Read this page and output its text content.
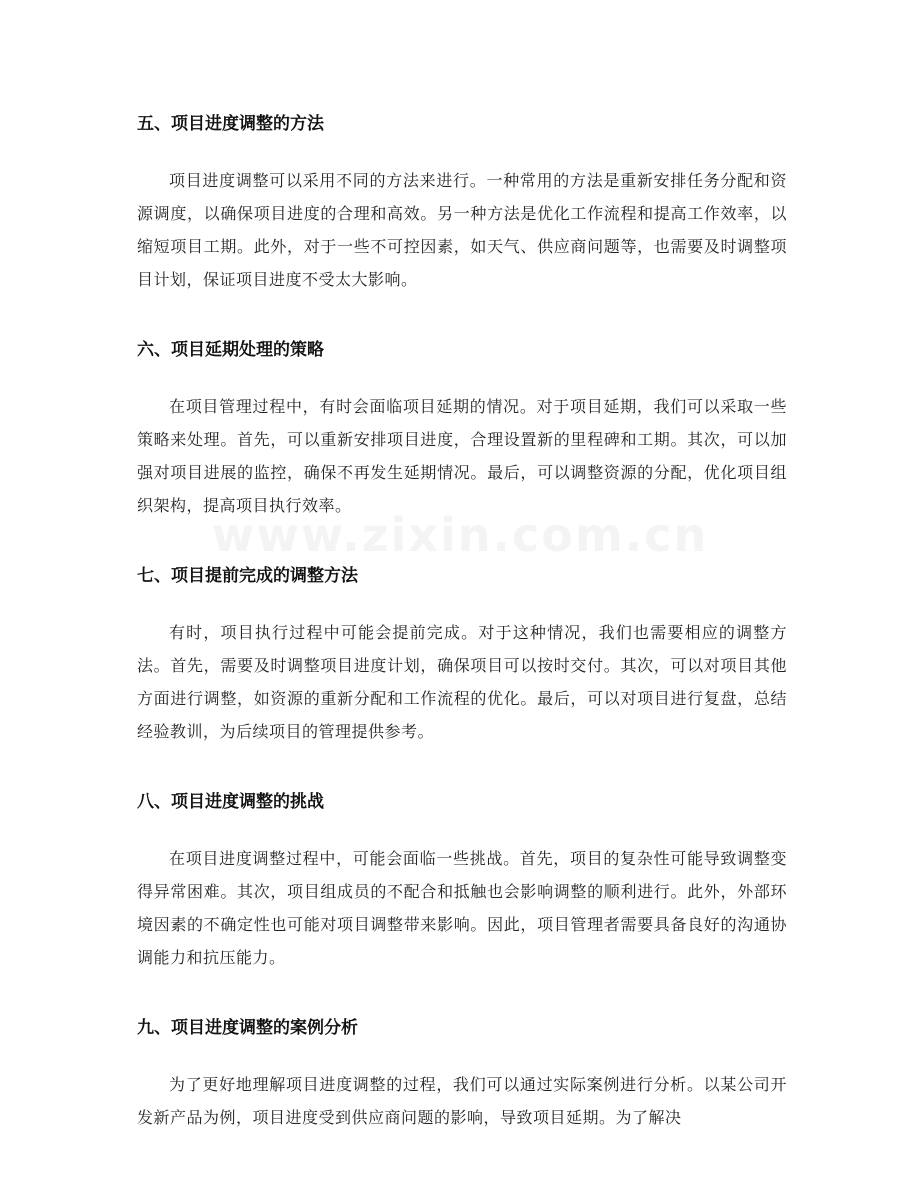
www.zixin.com.cn
五、项目进度调整的方法

项目进度调整可以采用不同的方法来进行。一种常用的方法是重新安排任务分配和资源调度，以确保项目进度的合理和高效。另一种方法是优化工作流程和提高工作效率，以缩短项目工期。此外，对于一些不可控因素，如天气、供应商问题等，也需要及时调整项目计划，保证项目进度不受太大影响。

六、项目延期处理的策略

在项目管理过程中，有时会面临项目延期的情况。对于项目延期，我们可以采取一些策略来处理。首先，可以重新安排项目进度，合理设置新的里程碑和工期。其次，可以加强对项目进展的监控，确保不再发生延期情况。最后，可以调整资源的分配，优化项目组织架构，提高项目执行效率。

七、项目提前完成的调整方法

有时，项目执行过程中可能会提前完成。对于这种情况，我们也需要相应的调整方法。首先，需要及时调整项目进度计划，确保项目可以按时交付。其次，可以对项目其他方面进行调整，如资源的重新分配和工作流程的优化。最后，可以对项目进行复盘，总结经验教训，为后续项目的管理提供参考。

八、项目进度调整的挑战

在项目进度调整过程中，可能会面临一些挑战。首先，项目的复杂性可能导致调整变得异常困难。其次，项目组成员的不配合和抵触也会影响调整的顺利进行。此外，外部环境因素的不确定性也可能对项目调整带来影响。因此，项目管理者需要具备良好的沟通协调能力和抗压能力。

九、项目进度调整的案例分析

为了更好地理解项目进度调整的过程，我们可以通过实际案例进行分析。以某公司开发新产品为例，项目进度受到供应商问题的影响，导致项目延期。为了解决
